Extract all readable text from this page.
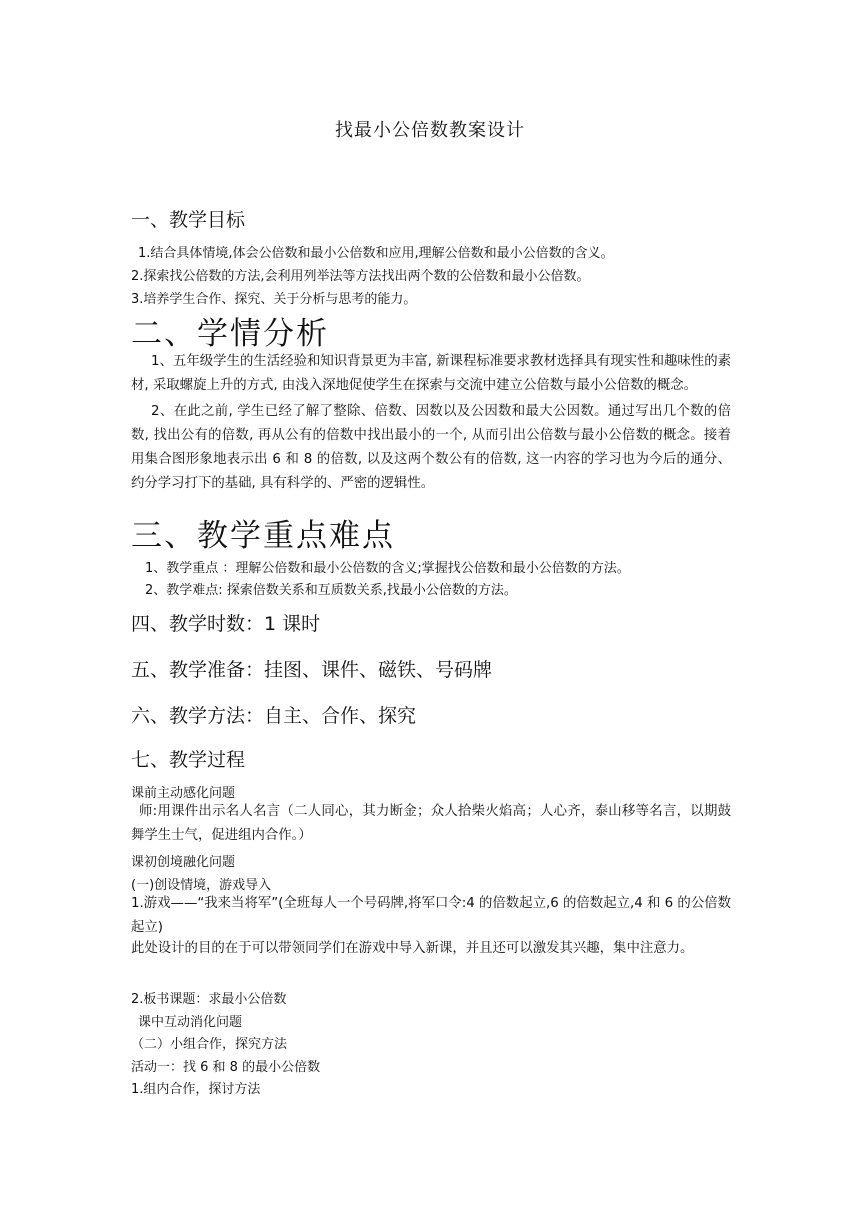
找最小公倍数教案设计
一、教学目标
1.结合具体情境,体会公倍数和最小公倍数和应用,理解公倍数和最小公倍数的含义。
2.探索找公倍数的方法,会利用列举法等方法找出两个数的公倍数和最小公倍数。
3.培养学生合作、探究、关于分析与思考的能力。
二、学情分析

1、五年级学生的生活经验和知识背景更为丰富, 新课程标准要求教材选择具有现实性和趣味性的素材, 采取螺旋上升的方式, 由浅入深地促使学生在探索与交流中建立公倍数与最小公倍数的概念。

2、在此之前, 学生已经了解了整除、倍数、因数以及公因数和最大公因数。通过写出几个数的倍数, 找出公有的倍数, 再从公有的倍数中找出最小的一个, 从而引出公倍数与最小公倍数的概念。接着用集合图形象地表示出 6 和 8 的倍数, 以及这两个数公有的倍数, 这一内容的学习也为今后的通分、约分学习打下的基础, 具有科学的、严密的逻辑性。

三、教学重点难点
1、教学重点 ：理解公倍数和最小公倍数的含义;掌握找公倍数和最小公倍数的方法。
2、教学难点: 探索倍数关系和互质数关系,找最小公倍数的方法。
四、教学时数：1 课时
五、教学准备：挂图、课件、磁铁、号码牌
六、教学方法：自主、合作、探究
七、教学过程
课前主动感化问题

师:用课件出示名人名言（二人同心，其力断金；众人拾柴火焰高；人心齐，泰山移等名言，以期鼓舞学生士气，促进组内合作。）

课初创境融化问题
(一)创设情境，游戏导入

1.游戏——“我来当将军”(全班每人一个号码牌,将军口令:4 的倍数起立,6 的倍数起立,4 和 6 的公倍数起立)

此处设计的目的在于可以带领同学们在游戏中导入新课，并且还可以激发其兴趣，集中注意力。

2.板书课题：求最小公倍数
课中互动消化问题
（二）小组合作，探究方法
活动一：找 6 和 8 的最小公倍数
1.组内合作，探讨方法
